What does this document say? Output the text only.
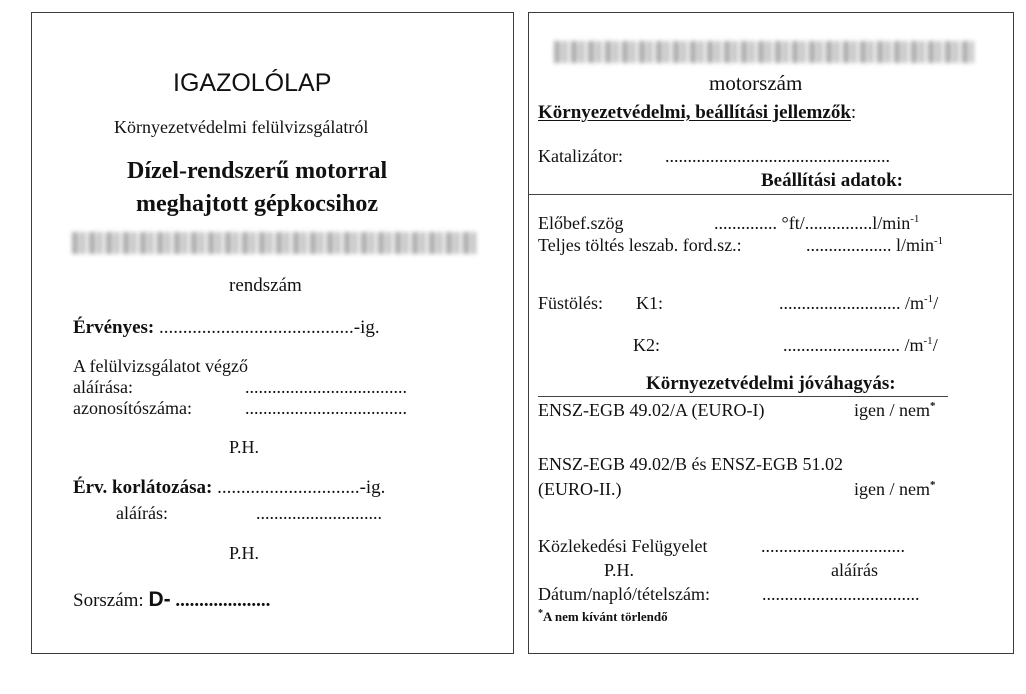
IGAZOLÓLAP
Környezetvédelmi felülvizsgálatról
Dízel-rendszerű motorral
meghajtott gépkocsihoz
rendszám
Érvényes: .........................................-ig.
A felülvizsgálatot végző
aláírása:	....................................
azonosítószáma:	....................................
P.H.
Érv. korlátozása: ..............................-ig.
aláírás:	............................
P.H.
Sorszám: D- ....................
motorszám
Környezetvédelmi, beállítási jellemzők:
Katalizátor: ..................................................
Beállítási adatok:
Előbef.szög	.............. $^\circ ft/...............l/\min^{-1}$
Teljes töltés leszab. ford.sz.:	................... $l/\min^{-1}$
Füstölés: K1:	........................... $/m^{-1}/$
K2:	.......................... $/m^{-1}/$
Környezetvédelmi jóváhagyás:
ENSZ-EGB 49.02/A (EURO-I)	igen / nem*
ENSZ-EGB 49.02/B és ENSZ-EGB 51.02
(EURO-II.)	igen / nem*
Közlekedési Felügyelet	................................
P.H.	aláírás
Dátum/napló/tételszám:	...................................
*A nem kívánt törlendő
